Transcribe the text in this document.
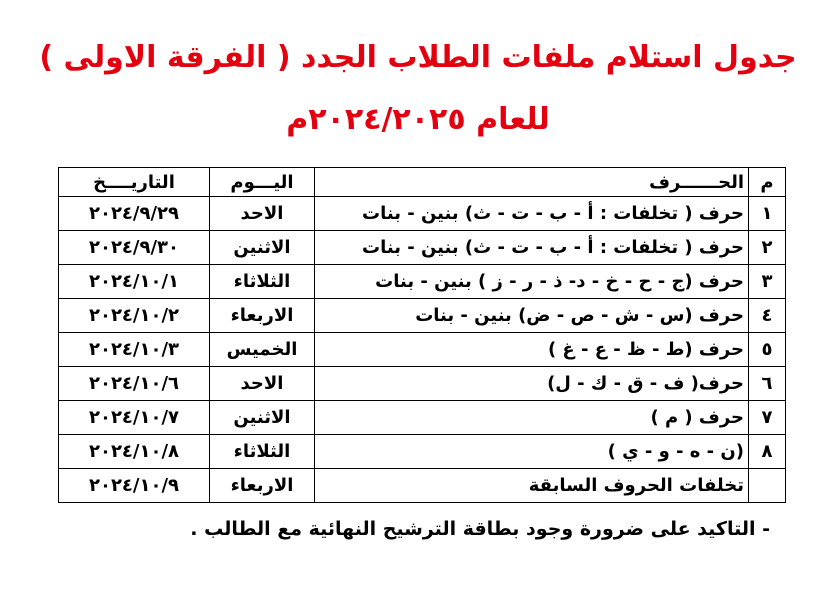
جدول استلام ملفات الطلاب الجدد ( الفرقة الاولى )
للعام ٢٠٢٤/٢٠٢٥م
م	الحــــــرف	اليـــوم	التاريــــخ
١	حرف ( تخلفات : أ - ب - ت - ث) بنين - بنات	الاحد	٢٠٢٤/٩/٢٩
٢	حرف ( تخلفات : أ - ب - ت - ث) بنين - بنات	الاثنين	٢٠٢٤/٩/٣٠
٣	حرف (ج - ح - خ - د- ذ - ر - ز ) بنين - بنات	الثلاثاء	٢٠٢٤/١٠/١
٤	حرف (س - ش - ص - ض) بنين - بنات	الاربعاء	٢٠٢٤/١٠/٢
٥	حرف (ط - ظ - ع - غ )	الخميس	٢٠٢٤/١٠/٣
٦	حرف( ف - ق - ك - ل)	الاحد	٢٠٢٤/١٠/٦
٧	حرف ( م )	الاثنين	٢٠٢٤/١٠/٧
٨	(ن - ه - و - ي )	الثلاثاء	٢٠٢٤/١٠/٨
	تخلفات الحروف السابقة	الاربعاء	٢٠٢٤/١٠/٩
- التاكيد على ضرورة وجود بطاقة الترشيح النهائية مع الطالب .
